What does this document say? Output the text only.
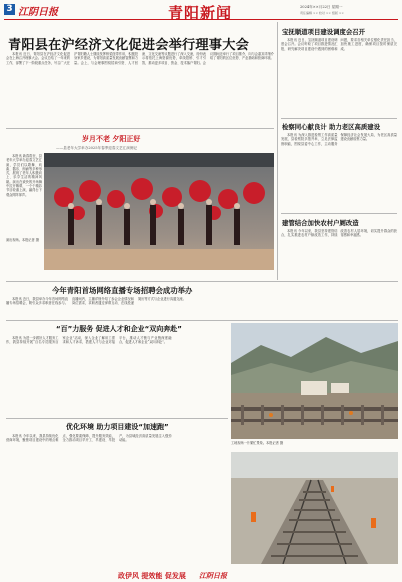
3 江阴日报	青阳新闻	2024年××月22日 星期一
责任编辑 ×× 校对 ×× 组版 ××
青阳县在沪经济文化促进会举行理事大会

本报讯 近日，青阳县在沪经济文化促进会在上海召开理事大会。会议总结了一年来的工作，部署了下一阶段重点任务，号召广大在沪青阳籍人士继续发挥桥梁纽带作用，积极投身家乡建设，为青阳高质量发展贡献智慧和力量。会上，与会理事围绕招商引资、人才回流、文化交流等议题进行了深入交流，纷纷表示将依托上海资源优势，牵线搭桥、引才引智，推动更多项目、资金、技术落户青阳。会议期间还举行了项目推介，向与会嘉宾详细介绍了青阳的区位优势、产业基础和营商环境。

岁月不老 夕阳正好
——县老年大学举办2025年春季迎春文艺汇演侧记
演出现场。本报记者 摄

本报讯 新春将至，县老年大学举办迎春文艺汇演，学员们以歌舞、戏曲、器乐、朗诵等多种形式，展现了老年人积极向上、乐享生活的精神风貌。演出在欢快的开场舞中拉开帷幕，一个个精彩节目轮番上演，赢得台下观众阵阵掌声。

宝抚顺道项目建设调度会召开

本报讯 近日，宝抚顺道项目建设调度会召开。会议听取了项目推进情况汇报，研究解决项目建设中遇到的困难和问题，要求各相关单位强化责任担当，加快施工进度，确保项目按时保质完成。

检察同心献良计 助力老区高质建设

本报讯 为深入推进检察工作高质量发展，县检察院多措并举，立足法律监督职能，围绕县委中心工作，主动服务保障经济社会发展大局，为老区高质量建设贡献检察力量。

建管结合加快农村户厕改造

本报讯 今年以来，我县坚持建管结合，扎实推进农村户厕改造工作，持续改善农村人居环境，切实提升群众的获得感和幸福感。

今年青阳首场网络直播专场招聘会成功举办

本报讯 近日，我县举办今年首场网络直播专场招聘会，吸引众多求职者在线参与。直播间内，主播详细介绍了参会企业情况和岗位需求，求职者通过弹幕互动、在线投递简历等方式与企业进行沟通交流。

“百”力服务 促进人才和企业“双向奔赴”

本报讯 为进一步做好人才服务工作，我县持续开展“百名专员服务百家企业”活动，深入企业了解用工需求和人才诉求，搭建人才与企业对接平台，推动人才链与产业链深度融合，促进人才和企业“双向奔赴”。

优化环境 助力项目建设“加速跑”

本报讯 今年以来，我县持续优化营商环境，聚焦项目建设中的堵点难点，强化要素保障，提升服务效能，全力推动项目早开工、早建设、早投产，为县域经济高质量发展注入强劲动能。

工地现场一片繁忙景象。本报记者 摄
政伊风 提效能 促发展 江阴日报
